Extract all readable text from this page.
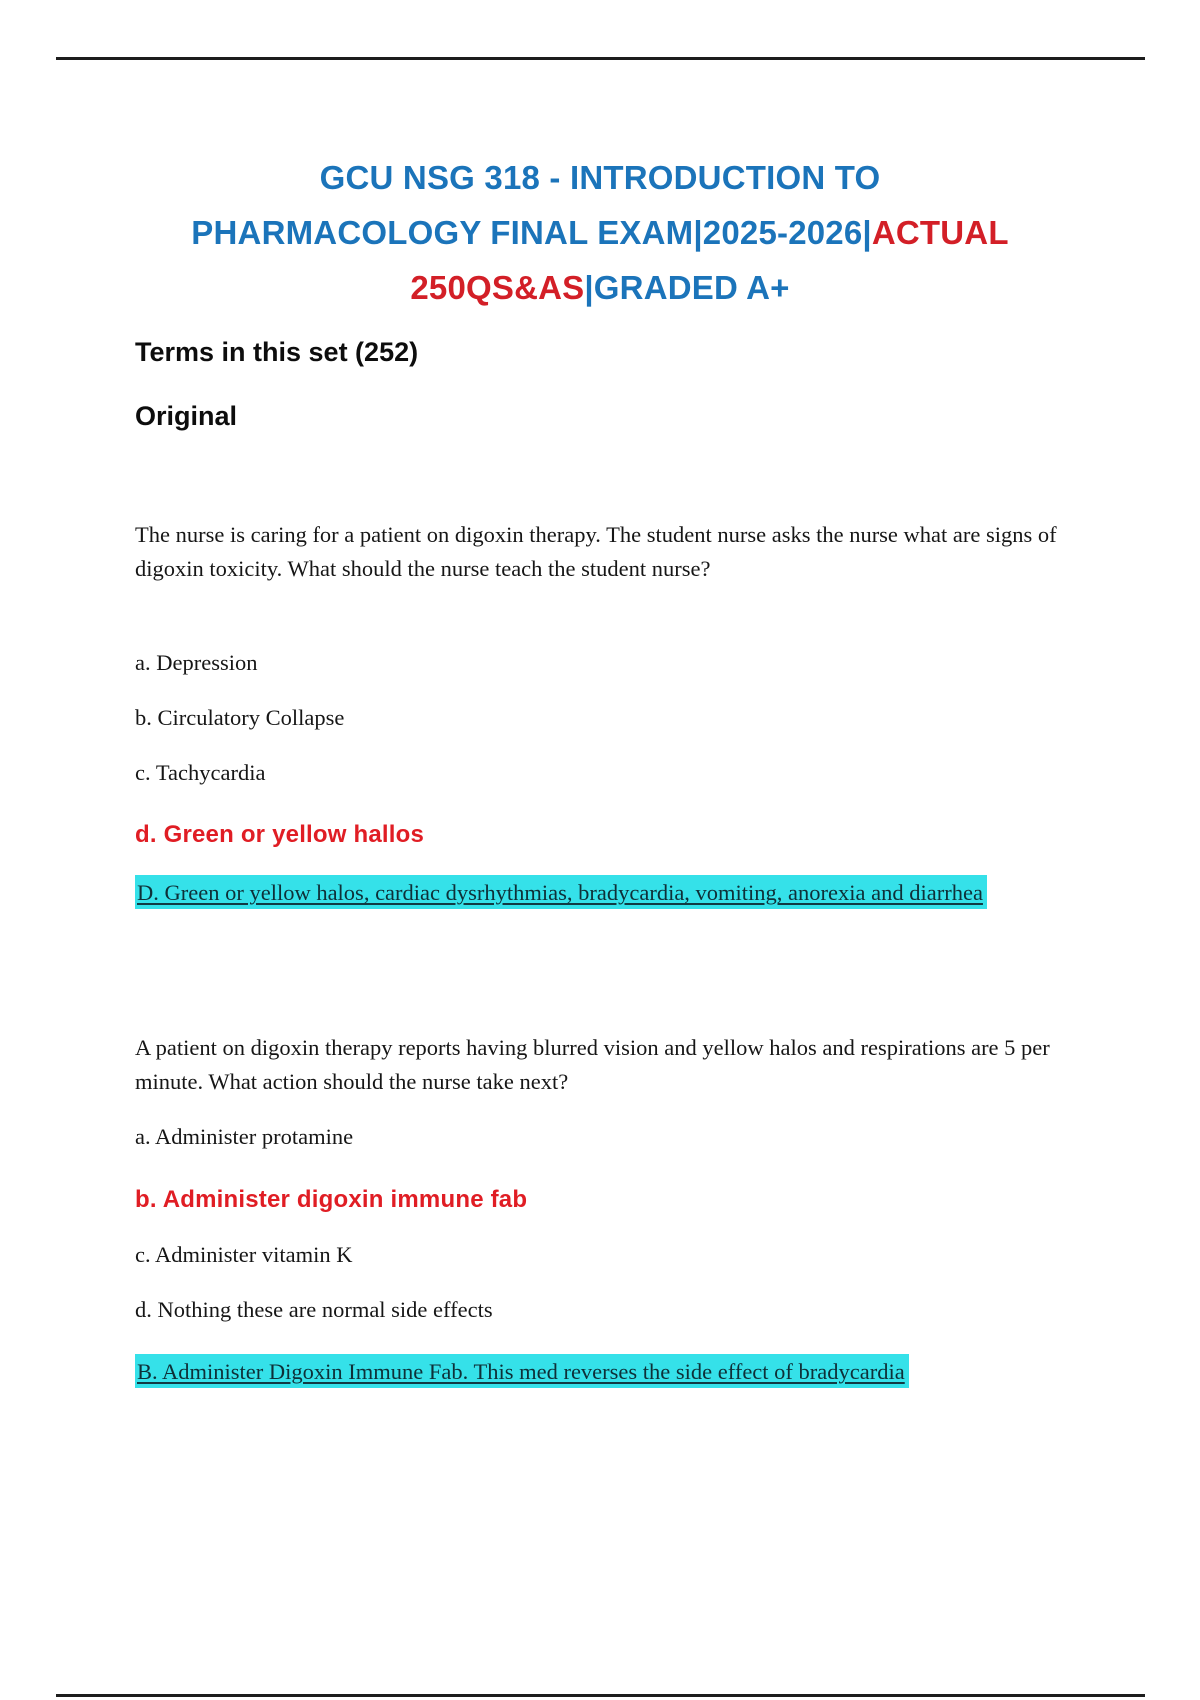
GCU NSG 318 - INTRODUCTION TO
PHARMACOLOGY FINAL EXAM|2025-2026|ACTUAL
250QS&AS|GRADED A+
Terms in this set (252)
Original
The nurse is caring for a patient on digoxin therapy. The student nurse asks the nurse what are signs of digoxin toxicity. What should the nurse teach the student nurse?
a. Depression
b. Circulatory Collapse
c. Tachycardia
d. Green or yellow hallos
D. Green or yellow halos, cardiac dysrhythmias, bradycardia, vomiting, anorexia and diarrhea
A patient on digoxin therapy reports having blurred vision and yellow halos and respirations are 5 per minute. What action should the nurse take next?
a. Administer protamine
b. Administer digoxin immune fab
c. Administer vitamin K
d. Nothing these are normal side effects
B. Administer Digoxin Immune Fab. This med reverses the side effect of bradycardia
